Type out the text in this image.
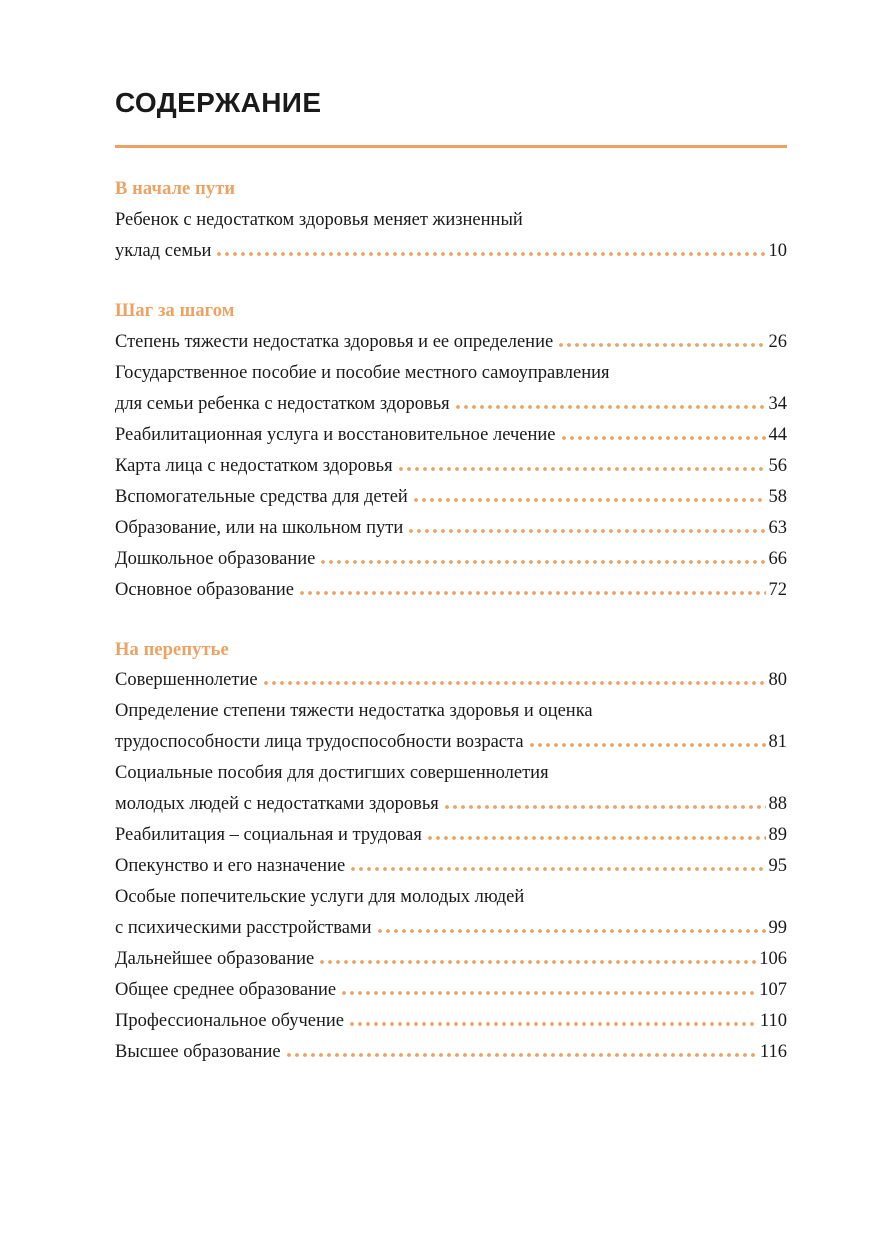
СОДЕРЖАНИЕ
В начале пути
Ребенок с недостатком здоровья меняет жизненный
уклад семьи	10
Шаг за шагом
Степень тяжести недостатка здоровья и ее определение	26
Государственное пособие и пособие местного самоуправления
для семьи ребенка с недостатком здоровья	34
Реабилитационная услуга и восстановительное лечение	44
Карта лица с недостатком здоровья	56
Вспомогательные средства для детей	58
Образование, или на школьном пути	63
Дошкольное образование	66
Основное образование	72
На перепутье
Совершеннолетие	80
Определение степени тяжести недостатка здоровья и оценка
трудоспособности лица трудоспособности возраста	81
Социальные пособия для достигших совершеннолетия
молодых людей с недостатками здоровья	88
Реабилитация – социальная и трудовая	89
Опекунство и его назначение	95
Особые попечительские услуги для молодых людей
с психическими расстройствами	99
Дальнейшее образование	106
Общее среднее образование	107
Профессиональное обучение	110
Высшее образование	116
